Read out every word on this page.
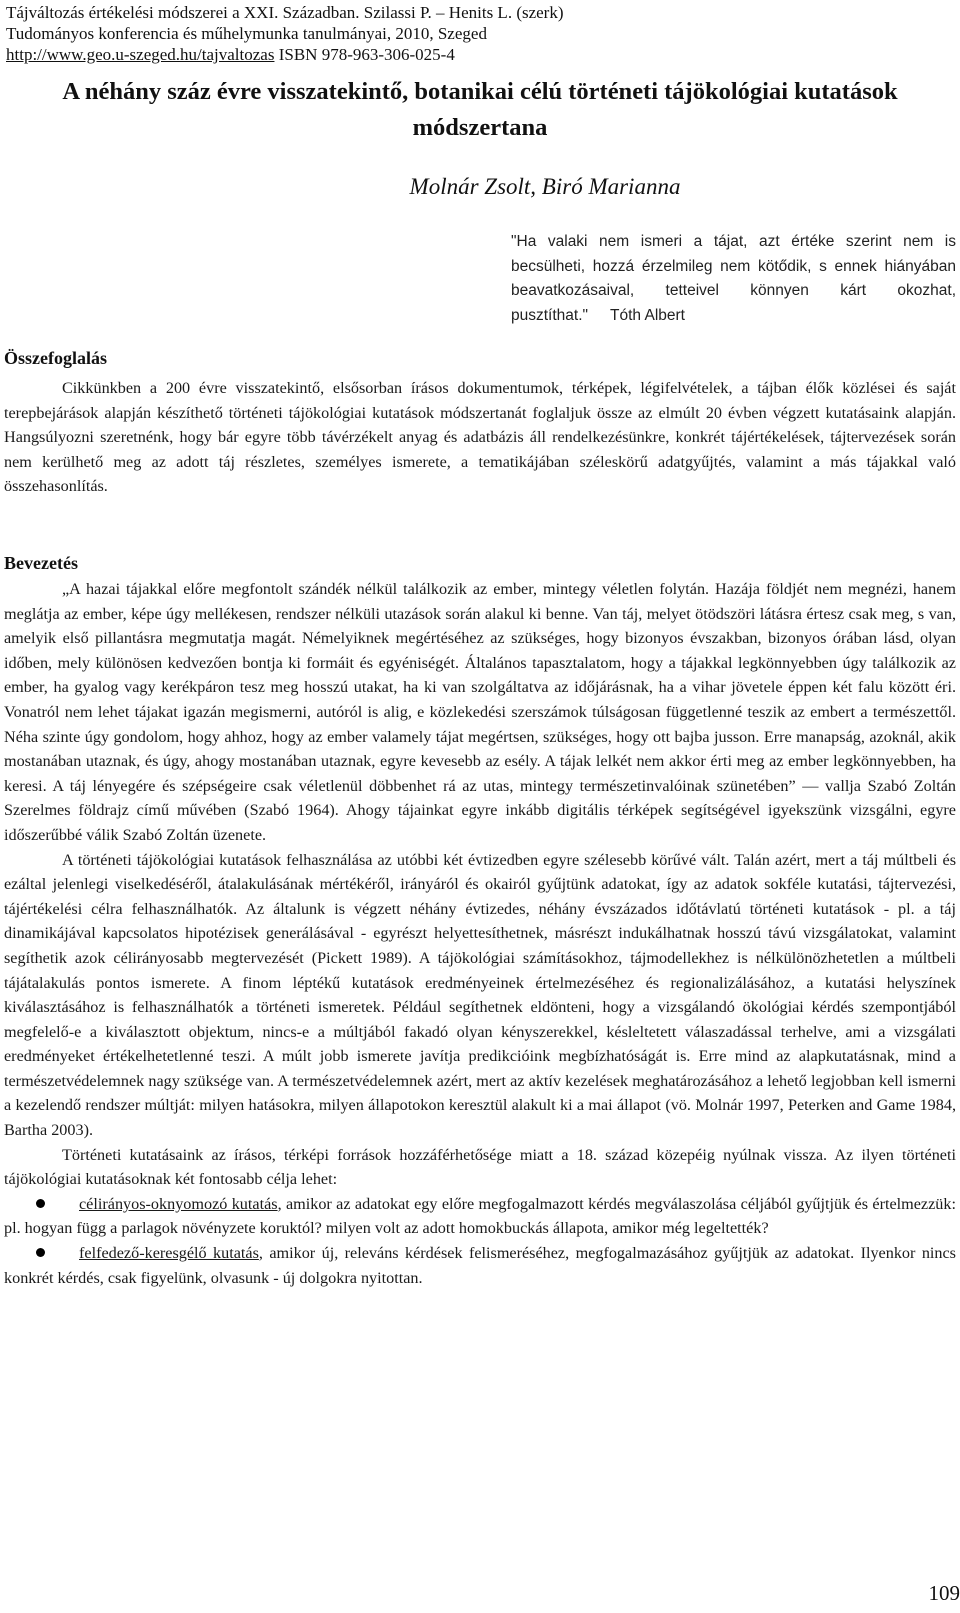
Tájváltozás értékelési módszerei a XXI. Században. Szilassi P. – Henits L. (szerk)
Tudományos konferencia és műhelymunka tanulmányai, 2010, Szeged
http://www.geo.u-szeged.hu/tajvaltozas ISBN 978-963-306-025-4
A néhány száz évre visszatekintő, botanikai célú történeti tájökológiai kutatások módszertana
Molnár Zsolt, Biró Marianna
"Ha valaki nem ismeri a tájat, azt értéke szerint nem is becsülheti, hozzá érzelmileg nem kötődik, s ennek hiányában beavatkozásaival, tetteivel könnyen kárt okozhat, pusztíthat." Tóth Albert
Összefoglalás

Cikkünkben a 200 évre visszatekintő, elsősorban írásos dokumentumok, térképek, légifelvételek, a tájban élők közlései és saját terepbejárások alapján készíthető történeti tájökológiai kutatások módszertanát foglaljuk össze az elmúlt 20 évben végzett kutatásaink alapján. Hangsúlyozni szeretnénk, hogy bár egyre több távérzékelt anyag és adatbázis áll rendelkezésünkre, konkrét tájértékelések, tájtervezések során nem kerülhető meg az adott táj részletes, személyes ismerete, a tematikájában széleskörű adatgyűjtés, valamint a más tájakkal való összehasonlítás.

Bevezetés

„A hazai tájakkal előre megfontolt szándék nélkül találkozik az ember, mintegy véletlen folytán. Hazája földjét nem megnézi, hanem meglátja az ember, képe úgy mellékesen, rendszer nélküli utazások során alakul ki benne. Van táj, melyet ötödszöri látásra értesz csak meg, s van, amelyik első pillantásra megmutatja magát. Némelyiknek megértéséhez az szükséges, hogy bizonyos évszakban, bizonyos órában lásd, olyan időben, mely különösen kedvezően bontja ki formáit és egyéniségét. Általános tapasztalatom, hogy a tájakkal legkönnyebben úgy találkozik az ember, ha gyalog vagy kerékpáron tesz meg hosszú utakat, ha ki van szolgáltatva az időjárásnak, ha a vihar jövetele éppen két falu között éri. Vonatról nem lehet tájakat igazán megismerni, autóról is alig, e közlekedési szerszámok túlságosan függetlenné teszik az embert a természettől. Néha szinte úgy gondolom, hogy ahhoz, hogy az ember valamely tájat megértsen, szükséges, hogy ott bajba jusson. Erre manapság, azoknál, akik mostanában utaznak, és úgy, ahogy mostanában utaznak, egyre kevesebb az esély. A tájak lelkét nem akkor érti meg az ember legkönnyebben, ha keresi. A táj lényegére és szépségeire csak véletlenül döbbenhet rá az utas, mintegy természetinvalóinak szünetében” — vallja Szabó Zoltán Szerelmes földrajz című művében (Szabó 1964). Ahogy tájainkat egyre inkább digitális térképek segítségével igyekszünk vizsgálni, egyre időszerűbbé válik Szabó Zoltán üzenete.

A történeti tájökológiai kutatások felhasználása az utóbbi két évtizedben egyre szélesebb körűvé vált. Talán azért, mert a táj múltbeli és ezáltal jelenlegi viselkedéséről, átalakulásának mértékéről, irányáról és okairól gyűjtünk adatokat, így az adatok sokféle kutatási, tájtervezési, tájértékelési célra felhasználhatók. Az általunk is végzett néhány évtizedes, néhány évszázados időtávlatú történeti kutatások - pl. a táj dinamikájával kapcsolatos hipotézisek generálásával - egyrészt helyettesíthetnek, másrészt indukálhatnak hosszú távú vizsgálatokat, valamint segíthetik azok célirányosabb megtervezését (Pickett 1989). A tájökológiai számításokhoz, tájmodellekhez is nélkülönözhetetlen a múltbeli tájátalakulás pontos ismerete. A finom léptékű kutatások eredményeinek értelmezéséhez és regionalizálásához, a kutatási helyszínek kiválasztásához is felhasználhatók a történeti ismeretek. Például segíthetnek eldönteni, hogy a vizsgálandó ökológiai kérdés szempontjából megfelelő-e a kiválasztott objektum, nincs-e a múltjából fakadó olyan kényszerekkel, késleltetett válaszadással terhelve, ami a vizsgálati eredményeket értékelhetetlenné teszi. A múlt jobb ismerete javítja predikcióink megbízhatóságát is. Erre mind az alapkutatásnak, mind a természetvédelemnek nagy szüksége van. A természetvédelemnek azért, mert az aktív kezelések meghatározásához a lehető legjobban kell ismerni a kezelendő rendszer múltját: milyen hatásokra, milyen állapotokon keresztül alakult ki a mai állapot (vö. Molnár 1997, Peterken and Game 1984, Bartha 2003).

Történeti kutatásaink az írásos, térképi források hozzáférhetősége miatt a 18. század közepéig nyúlnak vissza. Az ilyen történeti tájökológiai kutatásoknak két fontosabb célja lehet:

célirányos-oknyomozó kutatás, amikor az adatokat egy előre megfogalmazott kérdés megválaszolása céljából gyűjtjük és értelmezzük: pl. hogyan függ a parlagok növényzete koruktól? milyen volt az adott homokbuckás állapota, amikor még legeltették?
felfedező-keresgélő kutatás, amikor új, releváns kérdések felismeréséhez, megfogalmazásához gyűjtjük az adatokat. Ilyenkor nincs konkrét kérdés, csak figyelünk, olvasunk - új dolgokra nyitottan.
109
